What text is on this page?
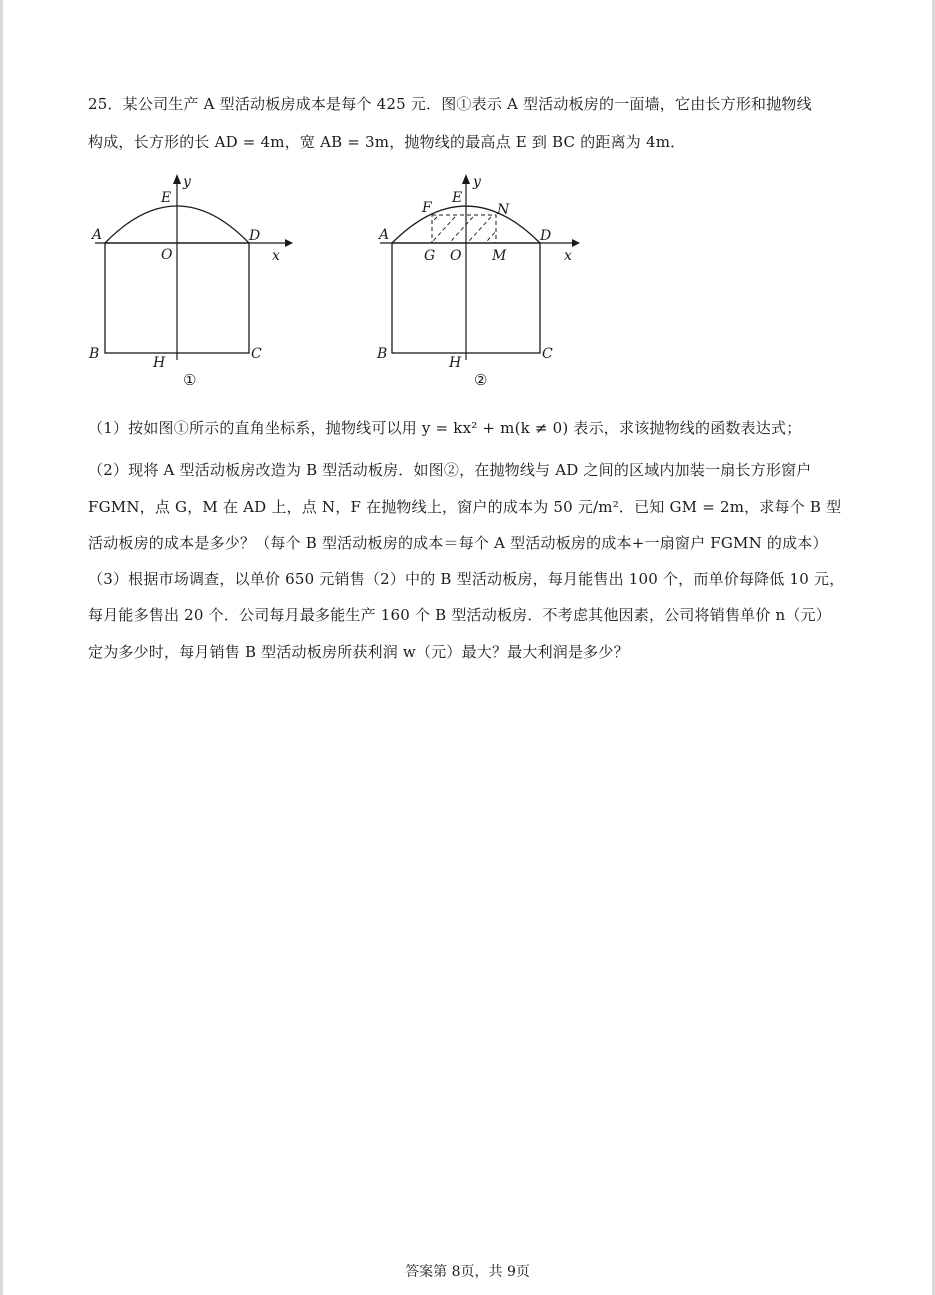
25．某公司生产 A 型活动板房成本是每个 425 元．图①表示 A 型活动板房的一面墙，它由长方形和抛物线
构成，长方形的长 AD = 4m，宽 AB = 3m，抛物线的最高点 E 到 BC 的距离为 4m．
y
E
A	D
O	x
B
H
C
①
y
E
F	N
A	D
G O M	x
B
H
C
②
（1）按如图①所示的直角坐标系，抛物线可以用 y = kx² + m(k ≠ 0) 表示，求该抛物线的函数表达式；
（2）现将 A 型活动板房改造为 B 型活动板房．如图②，在抛物线与 AD 之间的区域内加装一扇长方形窗户
FGMN，点 G，M 在 AD 上，点 N，F 在抛物线上，窗户的成本为 50 元/m²．已知 GM = 2m，求每个 B 型
活动板房的成本是多少？（每个 B 型活动板房的成本＝每个 A 型活动板房的成本+一扇窗户 FGMN 的成本）
（3）根据市场调查，以单价 650 元销售（2）中的 B 型活动板房，每月能售出 100 个，而单价每降低 10 元，
每月能多售出 20 个．公司每月最多能生产 160 个 B 型活动板房．不考虑其他因素，公司将销售单价 n（元）
定为多少时，每月销售 B 型活动板房所获利润 w（元）最大？最大利润是多少？
答案第 8页，共 9页
